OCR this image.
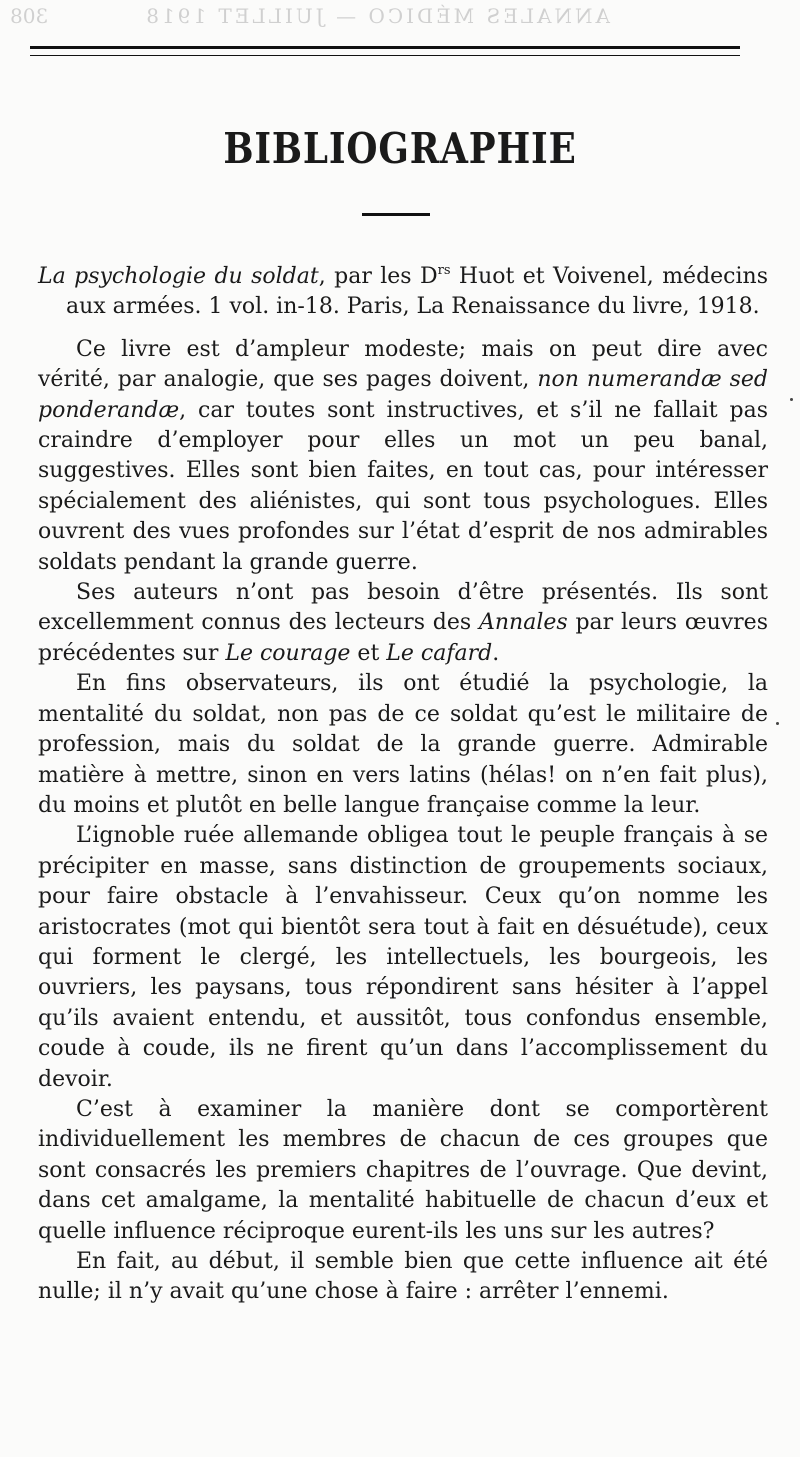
308	ANNALES MÉDICO — JUILLET 1918
BIBLIOGRAPHIE

La psychologie du soldat, par les $D^{rs}$ Huot et Voivenel, médecins aux armées. 1 vol. in-18. Paris, La Renaissance du livre, 1918.

Ce livre est d’ampleur modeste; mais on peut dire avec vérité, par analogie, que ses pages doivent, non numerandæ sed ponderandæ, car toutes sont instructives, et s’il ne fallait pas craindre d’employer pour elles un mot un peu banal, suggestives. Elles sont bien faites, en tout cas, pour intéresser spécialement des aliénistes, qui sont tous psychologues. Elles ouvrent des vues profondes sur l’état d’esprit de nos admirables soldats pendant la grande guerre.

Ses auteurs n’ont pas besoin d’être présentés. Ils sont excellemment connus des lecteurs des Annales par leurs œuvres précédentes sur Le courage et Le cafard.

En fins observateurs, ils ont étudié la psychologie, la mentalité du soldat, non pas de ce soldat qu’est le militaire de profession, mais du soldat de la grande guerre. Admirable matière à mettre, sinon en vers latins (hélas! on n’en fait plus), du moins et plutôt en belle langue française comme la leur.

L’ignoble ruée allemande obligea tout le peuple français à se précipiter en masse, sans distinction de groupements sociaux, pour faire obstacle à l’envahisseur. Ceux qu’on nomme les aristocrates (mot qui bientôt sera tout à fait en désuétude), ceux qui forment le clergé, les intellectuels, les bourgeois, les ouvriers, les paysans, tous répondirent sans hésiter à l’appel qu’ils avaient entendu, et aussitôt, tous confondus ensemble, coude à coude, ils ne firent qu’un dans l’accomplissement du devoir.

C’est à examiner la manière dont se comportèrent individuellement les membres de chacun de ces groupes que sont consacrés les premiers chapitres de l’ouvrage. Que devint, dans cet amalgame, la mentalité habituelle de chacun d’eux et quelle influence réciproque eurent-ils les uns sur les autres?

En fait, au début, il semble bien que cette influence ait été nulle; il n’y avait qu’une chose à faire : arrêter l’ennemi.
